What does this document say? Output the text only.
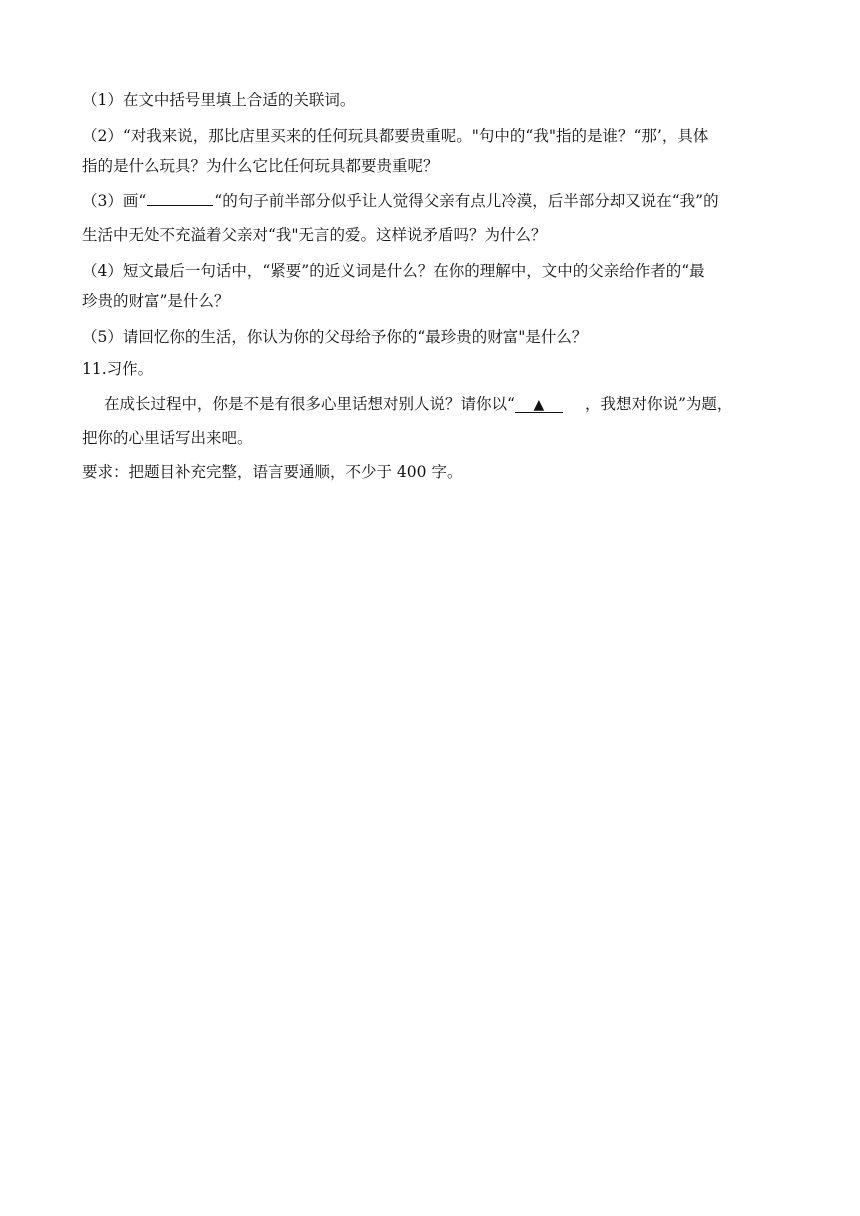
（1）在文中括号里填上合适的关联词。
（2）“对我来说，那比店里买来的任何玩具都要贵重呢。"句中的“我"指的是谁？“那’，具体
指的是什么玩具？为什么它比任何玩具都要贵重呢？
（3）画“	“的句子前半部分似乎让人觉得父亲有点儿冷漠，后半部分却又说在“我”的
生活中无处不充溢着父亲对“我"无言的爱。这样说矛盾吗？为什么？
（4）短文最后一句话中，“紧要”的近义词是什么？在你的理解中，文中的父亲给作者的“最
珍贵的财富”是什么？
（5）请回忆你的生活，你认为你的父母给予你的“最珍贵的财富"是什么？
11.习作。
在成长过程中，你是不是有很多心里话想对别人说？请你以“ ▲	，我想对你说”为题，
把你的心里话写出来吧。
要求：把题目补充完整，语言要通顺，不少于 400 字。
